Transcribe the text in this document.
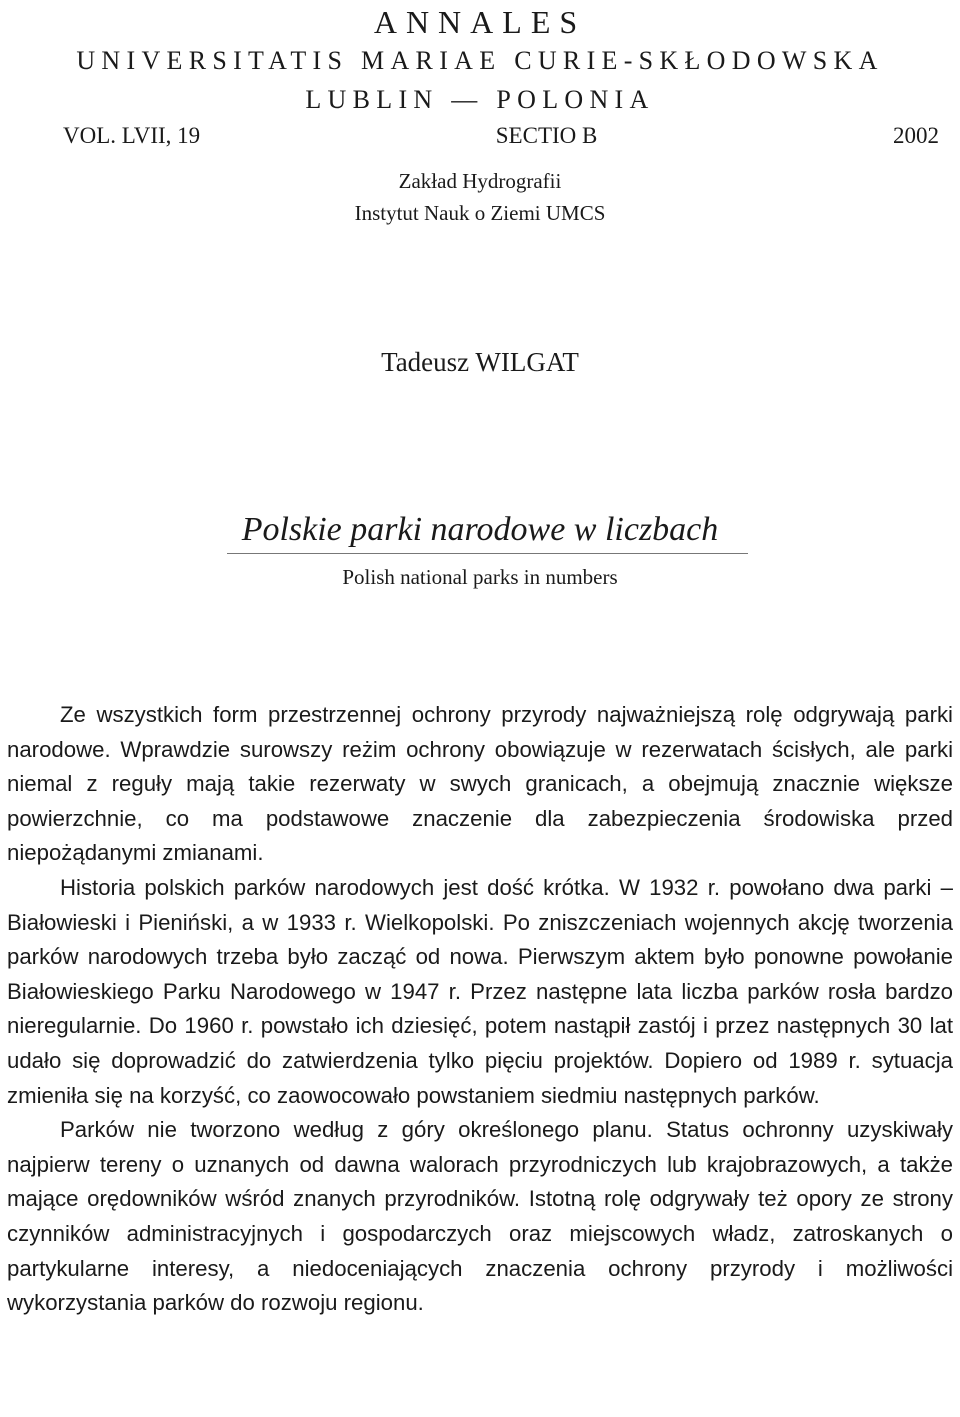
ANNALES
UNIVERSITATIS MARIAE CURIE-SKŁODOWSKA
LUBLIN — POLONIA
VOL. LVII, 19	SECTIO B	2002
Zakład Hydrografii
Instytut Nauk o Ziemi UMCS
Tadeusz WILGAT
Polskie parki narodowe w liczbach
Polish national parks in numbers

Ze wszystkich form przestrzennej ochrony przyrody najważniejszą rolę odgrywają parki narodowe. Wprawdzie surowszy reżim ochrony obowiązuje w rezerwatach ścisłych, ale parki niemal z reguły mają takie rezerwaty w swych granicach, a obejmują znacznie większe powierzchnie, co ma podstawowe znaczenie dla zabezpieczenia środowiska przed niepożądanymi zmianami.

Historia polskich parków narodowych jest dość krótka. W 1932 r. powołano dwa parki – Białowieski i Pieniński, a w 1933 r. Wielkopolski. Po zniszczeniach wojennych akcję tworzenia parków narodowych trzeba było zacząć od nowa. Pierwszym aktem było ponowne powołanie Białowieskiego Parku Narodowego w 1947 r. Przez następne lata liczba parków rosła bardzo nieregularnie. Do 1960 r. powstało ich dziesięć, potem nastąpił zastój i przez następnych 30 lat udało się doprowadzić do zatwierdzenia tylko pięciu projektów. Dopiero od 1989 r. sytuacja zmieniła się na korzyść, co zaowocowało powstaniem siedmiu następnych parków.

Parków nie tworzono według z góry określonego planu. Status ochronny uzyskiwały najpierw tereny o uznanych od dawna walorach przyrodniczych lub krajobrazowych, a także mające orędowników wśród znanych przyrodników. Istotną rolę odgrywały też opory ze strony czynników administracyjnych i gospodarczych oraz miejscowych władz, zatroskanych o partykularne interesy, a niedoceniających znaczenia ochrony przyrody i możliwości wykorzystania parków do rozwoju regionu.
